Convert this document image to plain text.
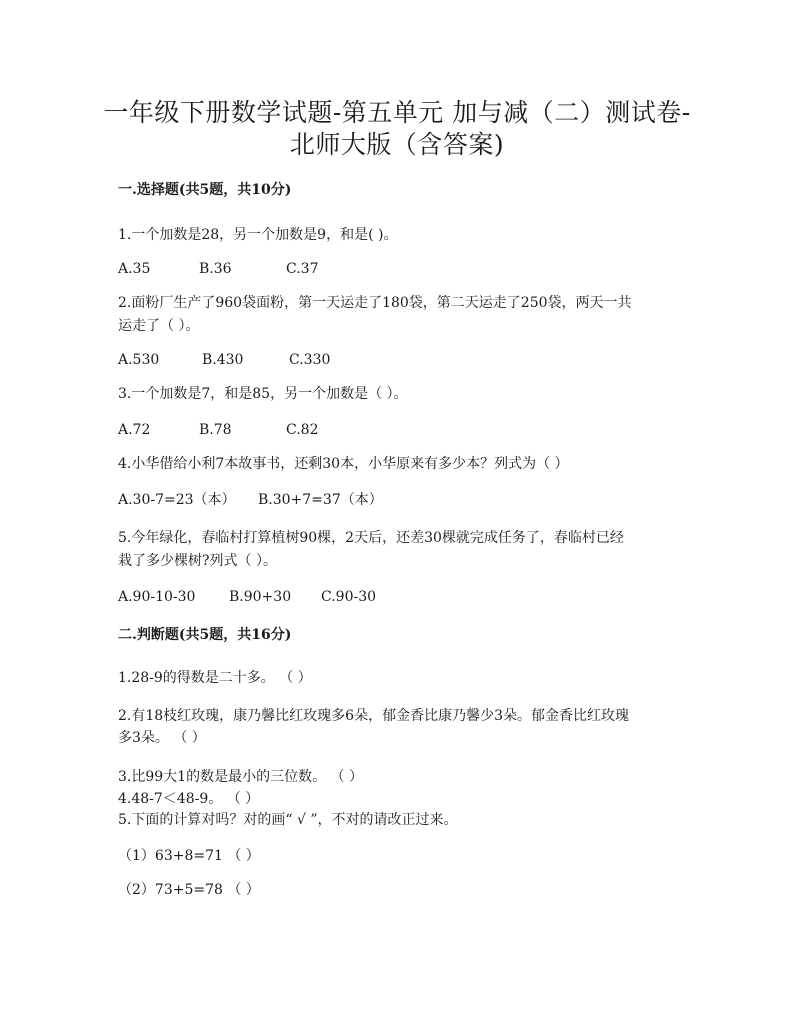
一年级下册数学试题-第五单元 加与减（二）测试卷-
北师大版（含答案)
一.选择题(共5题，共10分)
1.一个加数是28，另一个加数是9，和是( )。
A.35	B.36	C.37
2.面粉厂生产了960袋面粉，第一天运走了180袋，第二天运走了250袋，两天一共
运走了（ ）。
A.530	B.430	C.330
3.一个加数是7，和是85，另一个加数是（ ）。
A.72	B.78	C.82
4.小华借给小利7本故事书，还剩30本，小华原来有多少本？列式为（ ）
A.30-7=23（本） B.30+7=37（本）
5.今年绿化，春临村打算植树90棵，2天后，还差30棵就完成任务了，春临村已经
栽了多少棵树?列式（ ）。
A.90-10-30 B.90+30 C.90-30
二.判断题(共5题，共16分)
1.28-9的得数是二十多。 （ ）
2.有18枝红玫瑰，康乃馨比红玫瑰多6朵，郁金香比康乃馨少3朵。郁金香比红玫瑰
多3朵。 （ ）
3.比99大1的数是最小的三位数。 （ ）
4.48-7＜48-9。 （ ）
5.下面的计算对吗？对的画“ √ ”，不对的请改正过来。
（1）63+8=71 （ ）
（2）73+5=78 （ ）
